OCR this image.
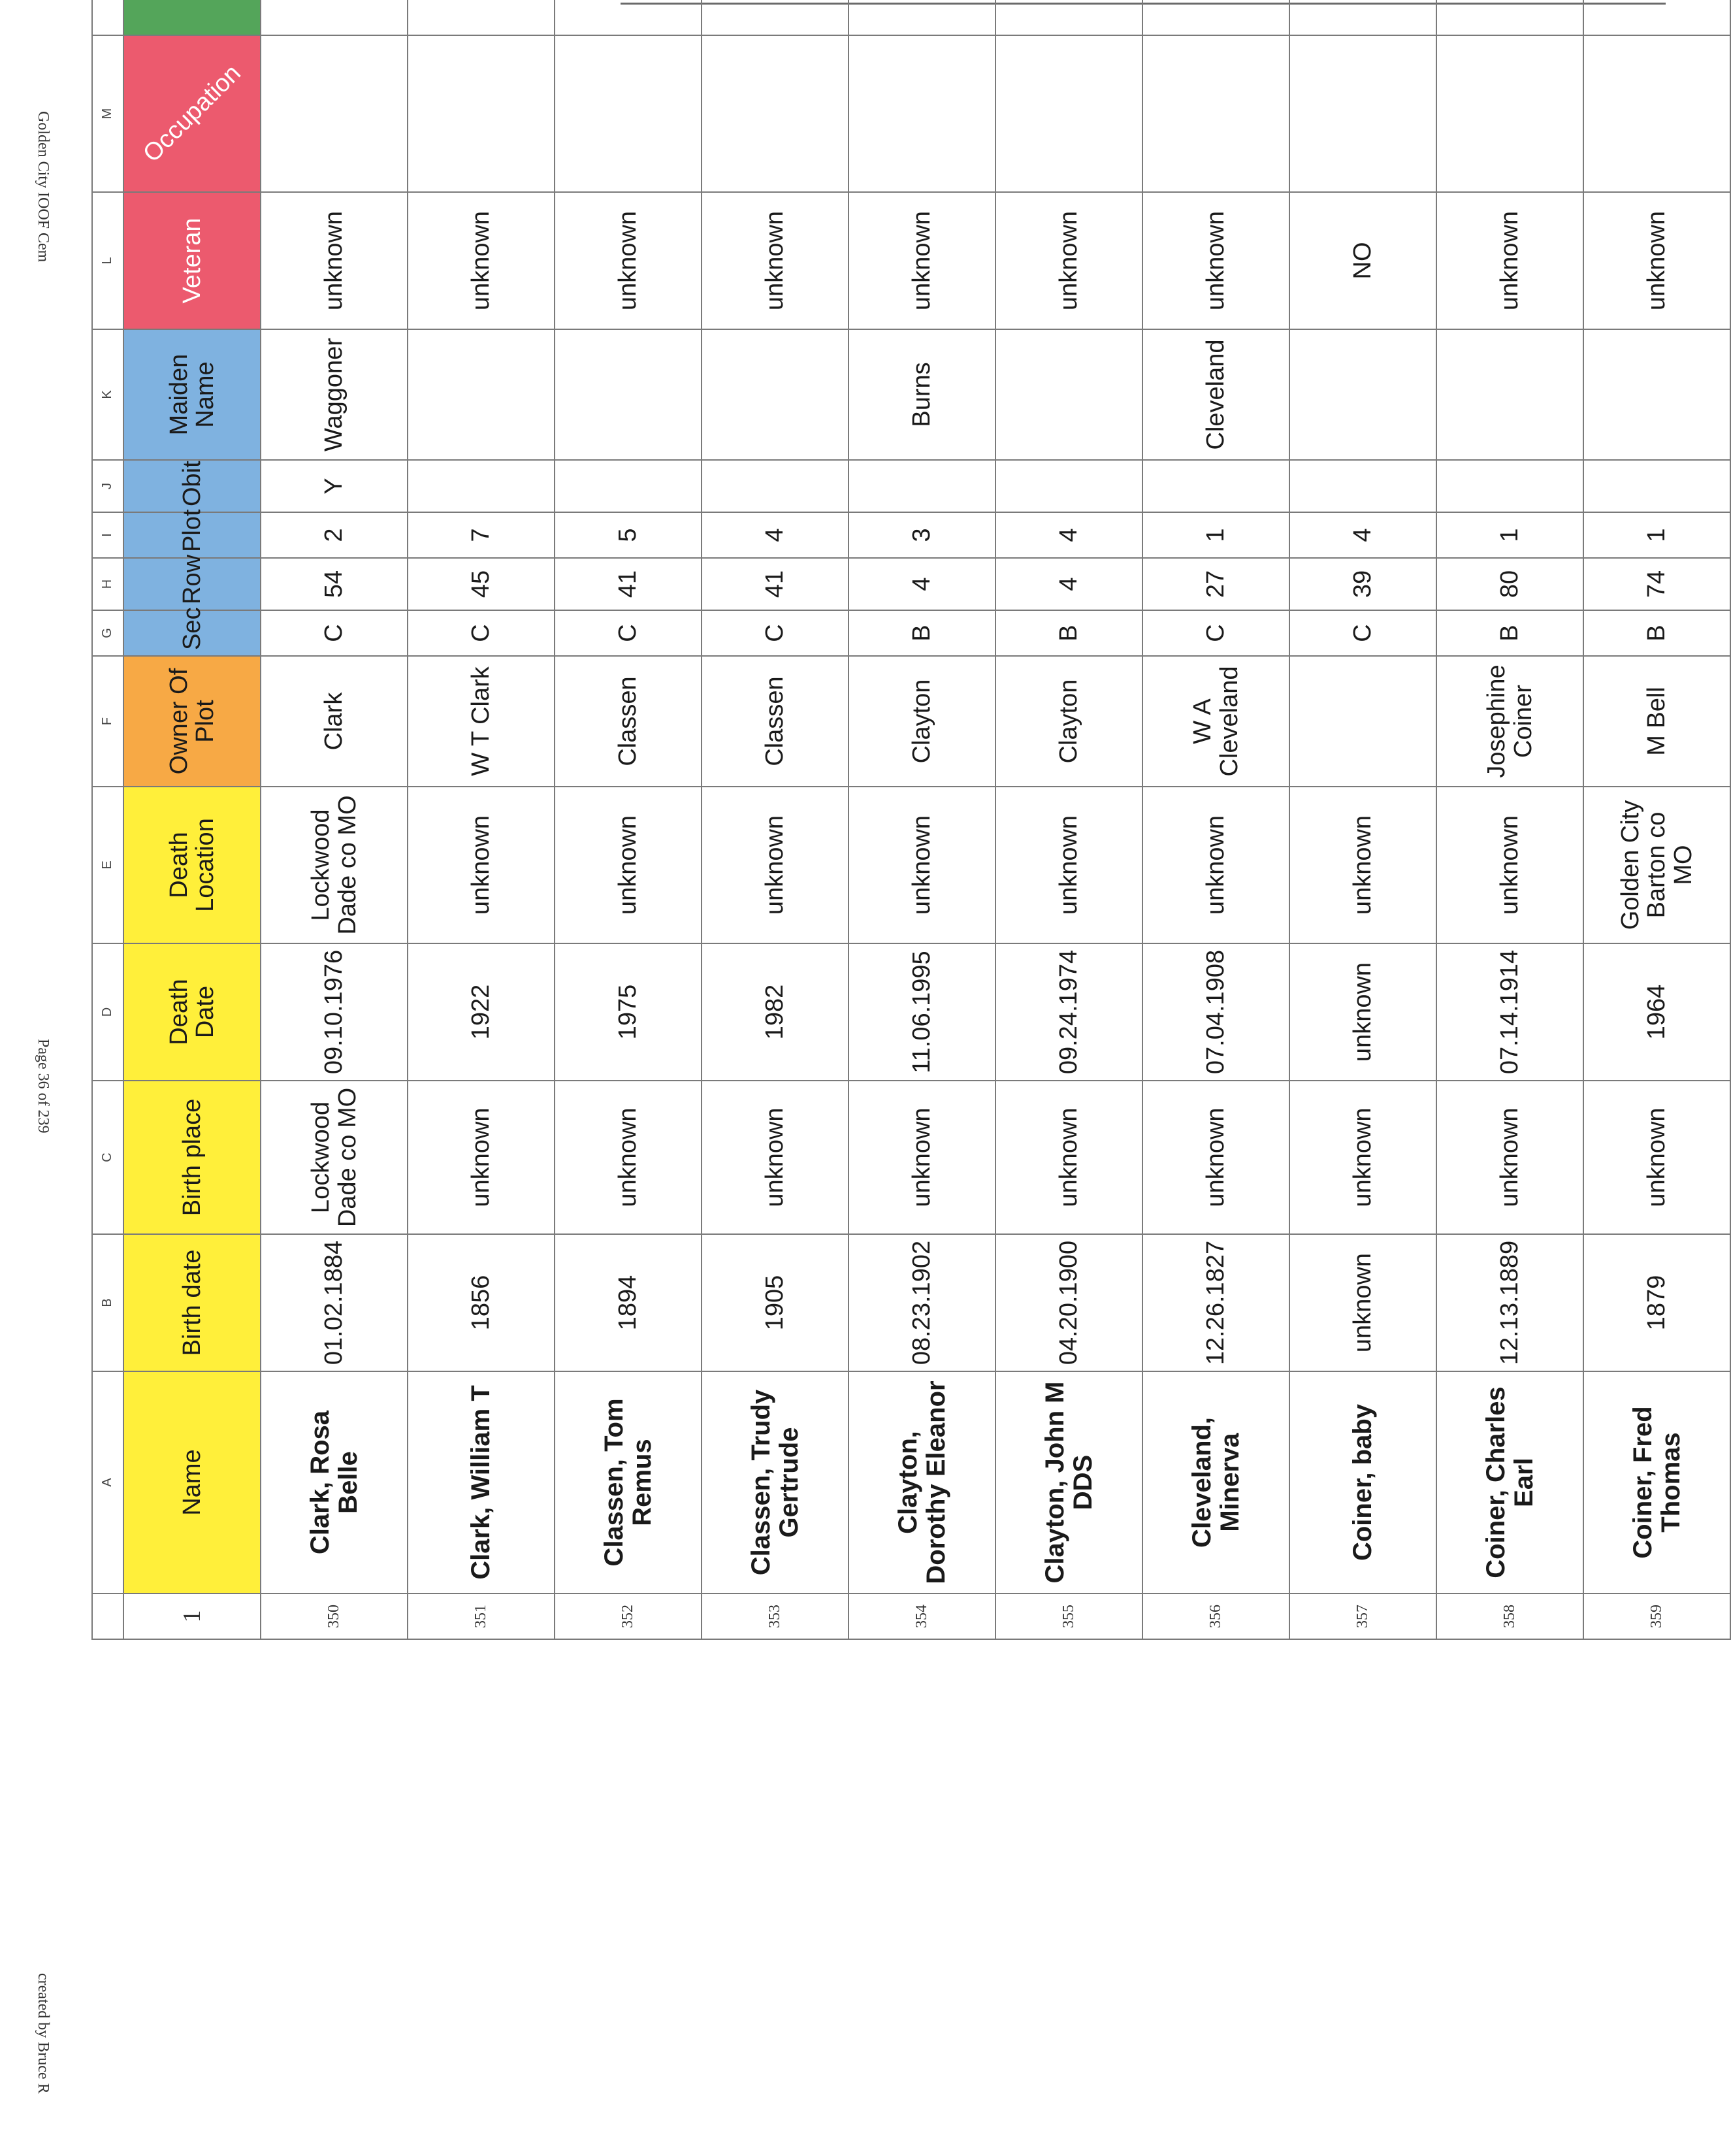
	A	B	C	D	E	F	G	H	I	J	K	L	M		
1	Name	Birth date	Birth place	Death Date	Death Location	Owner Of Plot	Sec	Row	Plot	Obit	Maiden Name	Veteran	Occupation		
350	Clark, Rosa Belle	01.02.1884	Lockwood Dade co MO	09.10.1976	Lockwood Dade co MO	Clark	C	54	2	Y	Waggoner	unknown			
351	Clark, William T	1856	unknown	1922	unknown	W T Clark	C	45	7			unknown			
352	Classen, Tom Remus	1894	unknown	1975	unknown	Classen	C	41	5			unknown			
353	Classen, Trudy Gertrude	1905	unknown	1982	unknown	Classen	C	41	4			unknown			
354	Clayton, Dorothy Eleanor	08.23.1902	unknown	11.06.1995	unknown	Clayton	B	4	3		Burns	unknown			
355	Clayton, John M DDS	04.20.1900	unknown	09.24.1974	unknown	Clayton	B	4	4			unknown			
356	Cleveland, Minerva	12.26.1827	unknown	07.04.1908	unknown	W A Cleveland	C	27	1		Cleveland	unknown			
357	Coiner, baby	unknown	unknown	unknown	unknown		C	39	4			NO			
358	Coiner, Charles Earl	12.13.1889	unknown	07.14.1914	unknown	Josephine Coiner	B	80	1			unknown			
359	Coiner, Fred Thomas	1879	unknown	1964	Golden City Barton co MO	M Bell	B	74	1			unknown			
Golden City IOOF Cem
Page 36 of 239
created by Bruce R
